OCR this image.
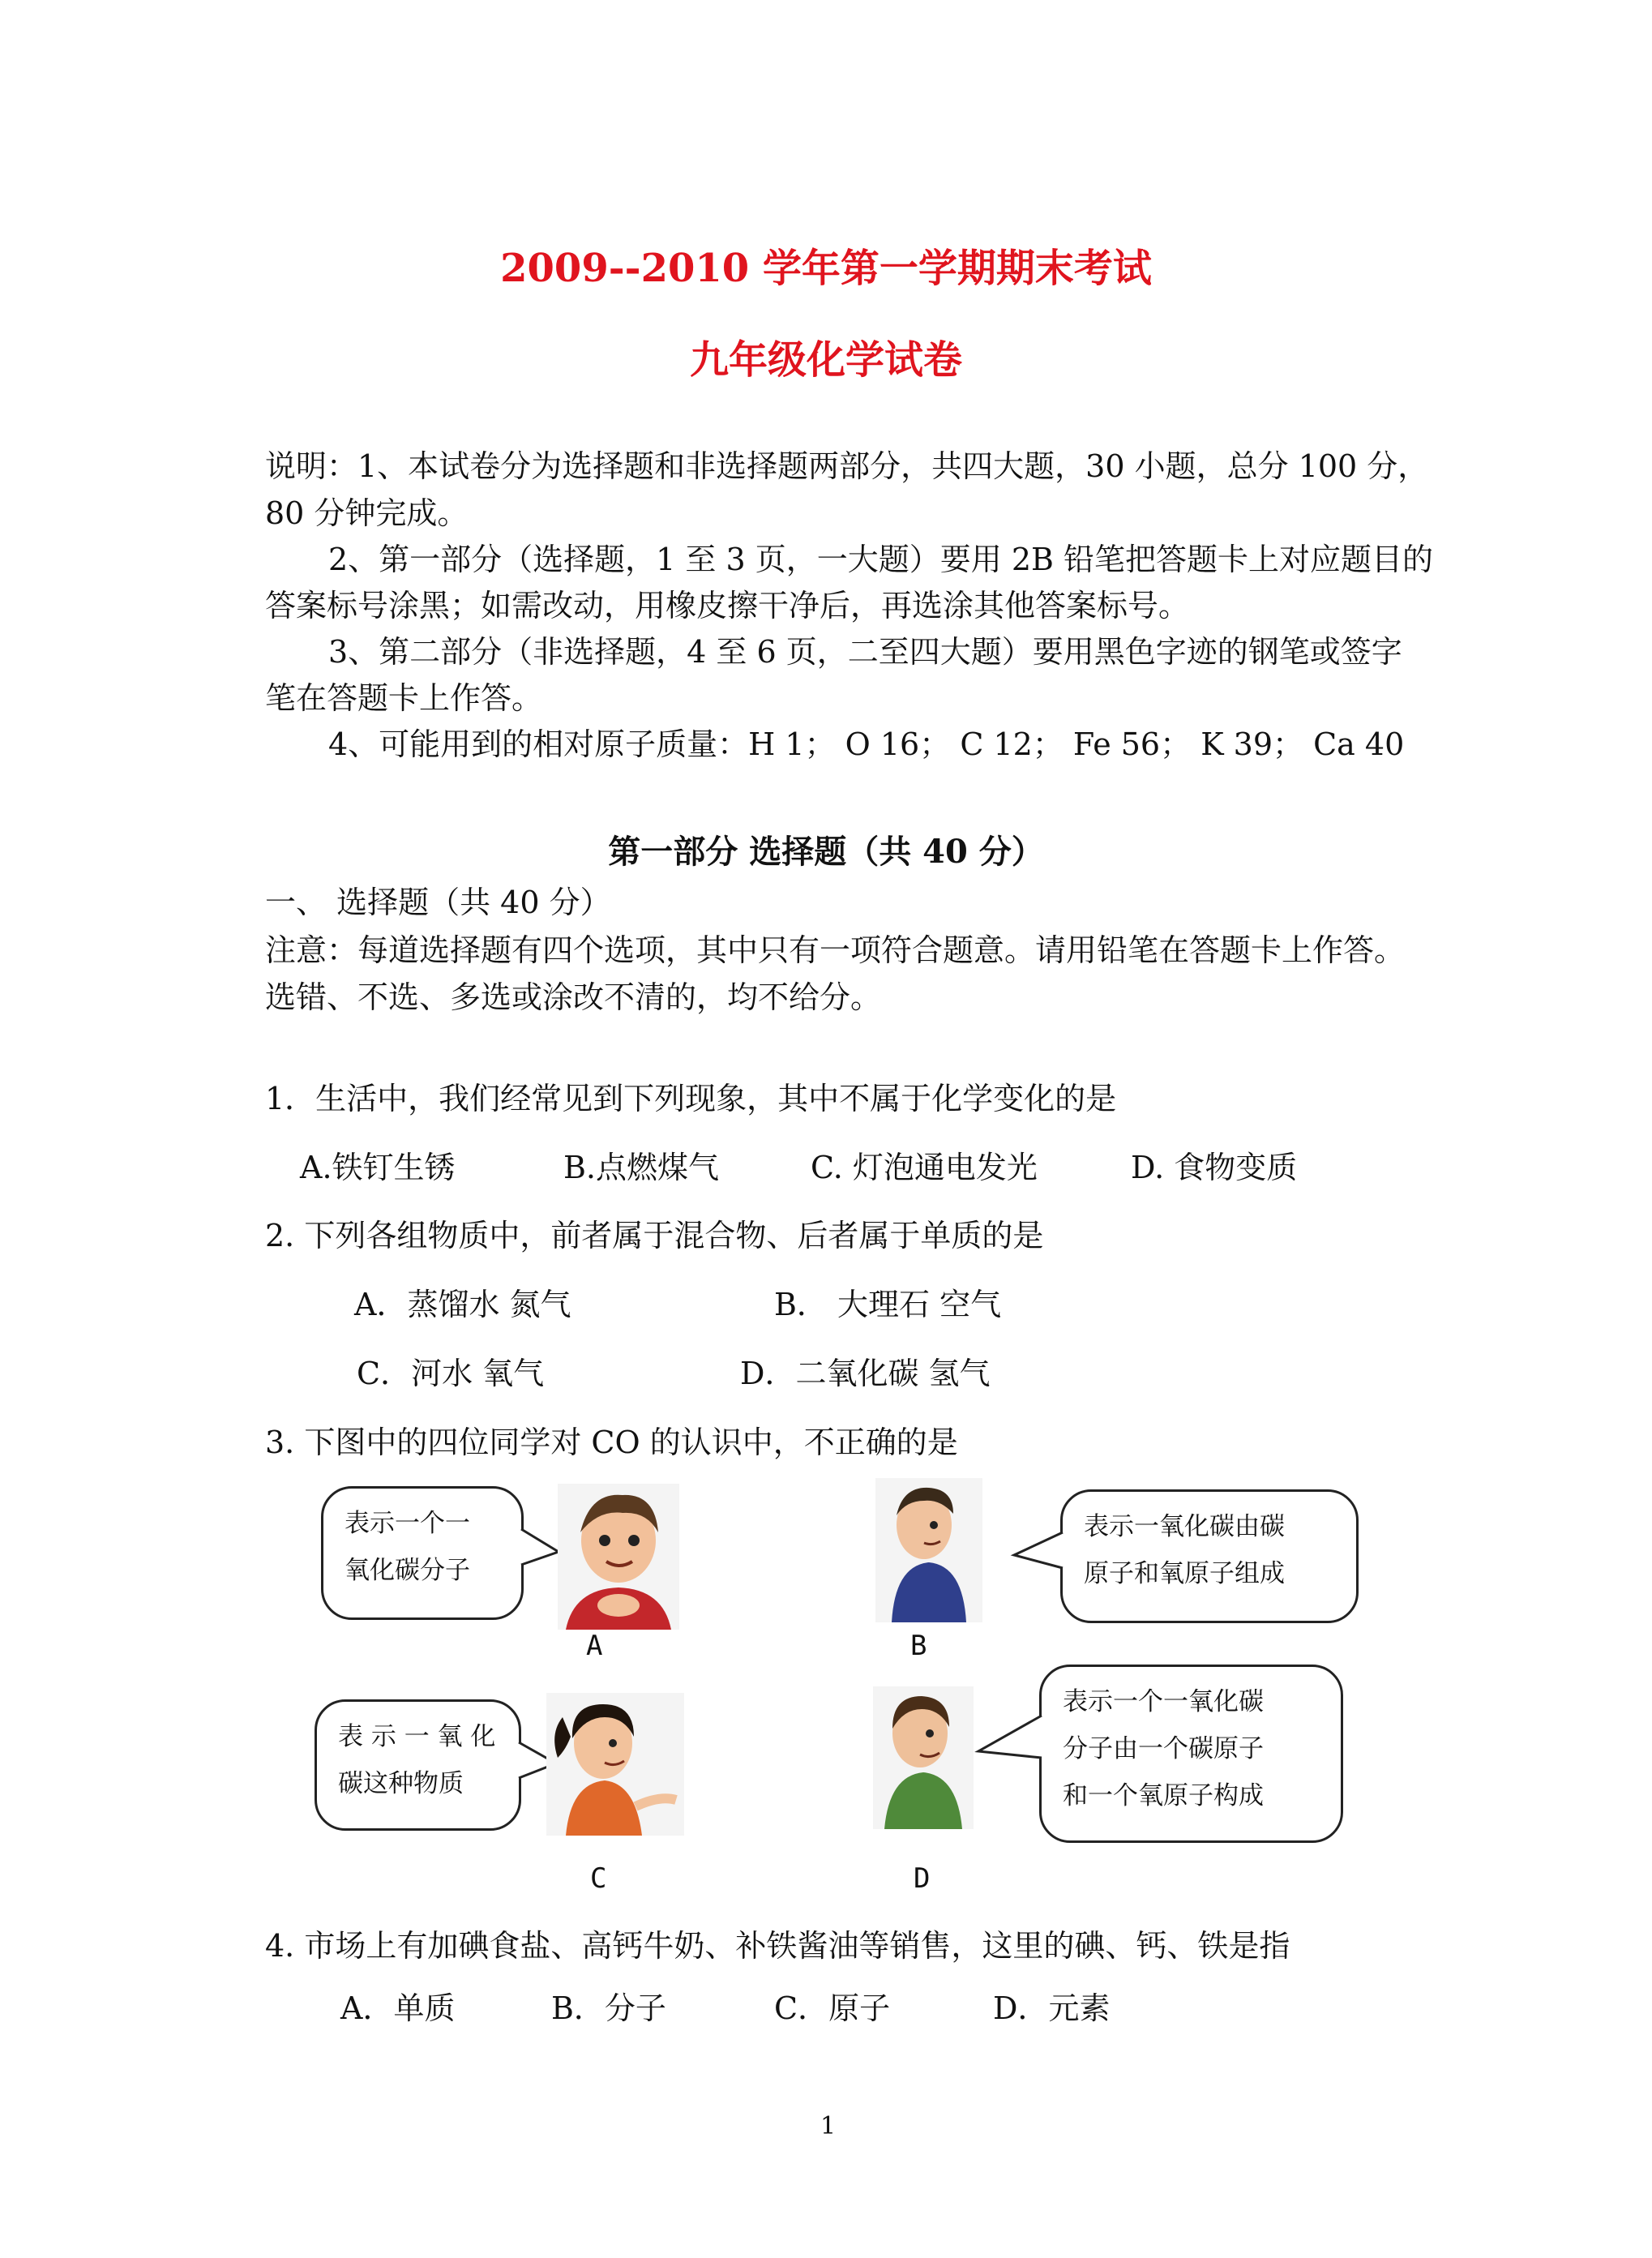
2009--2010 学年第一学期期末考试
九年级化学试卷
说明：1、本试卷分为选择题和非选择题两部分，共四大题，30 小题，总分 100 分，
80 分钟完成。
2、第一部分（选择题，1 至 3 页，一大题）要用 2B 铅笔把答题卡上对应题目的
答案标号涂黑；如需改动，用橡皮擦干净后，再选涂其他答案标号。
3、第二部分（非选择题，4 至 6 页，二至四大题）要用黑色字迹的钢笔或签字
笔在答题卡上作答。
4、可能用到的相对原子质量：H 1； O 16； C 12； Fe 56； K 39； Ca 40
第一部分 选择题（共 40 分）
一、 选择题（共 40 分）
注意：每道选择题有四个选项，其中只有一项符合题意。请用铅笔在答题卡上作答。
选错、不选、多选或涂改不清的，均不给分。
1．生活中，我们经常见到下列现象，其中不属于化学变化的是
A.铁钉生锈	B.点燃煤气	C. 灯泡通电发光	D. 食物变质
2. 下列各组物质中，前者属于混合物、后者属于单质的是
A．蒸馏水 氮气	B． 大理石 空气
C．河水 氧气	D．二氧化碳 氢气
3. 下图中的四位同学对 CO 的认识中，不正确的是
表示一个一
氧化碳分子
A
表示一氧化碳由碳
原子和氧原子组成
B
表 示 一 氧 化
碳这种物质
C
表示一个一氧化碳
分子由一个碳原子
和一个氧原子构成
D
4. 市场上有加碘食盐、高钙牛奶、补铁酱油等销售，这里的碘、钙、铁是指
A．单质	B．分子	C．原子	D．元素
1
